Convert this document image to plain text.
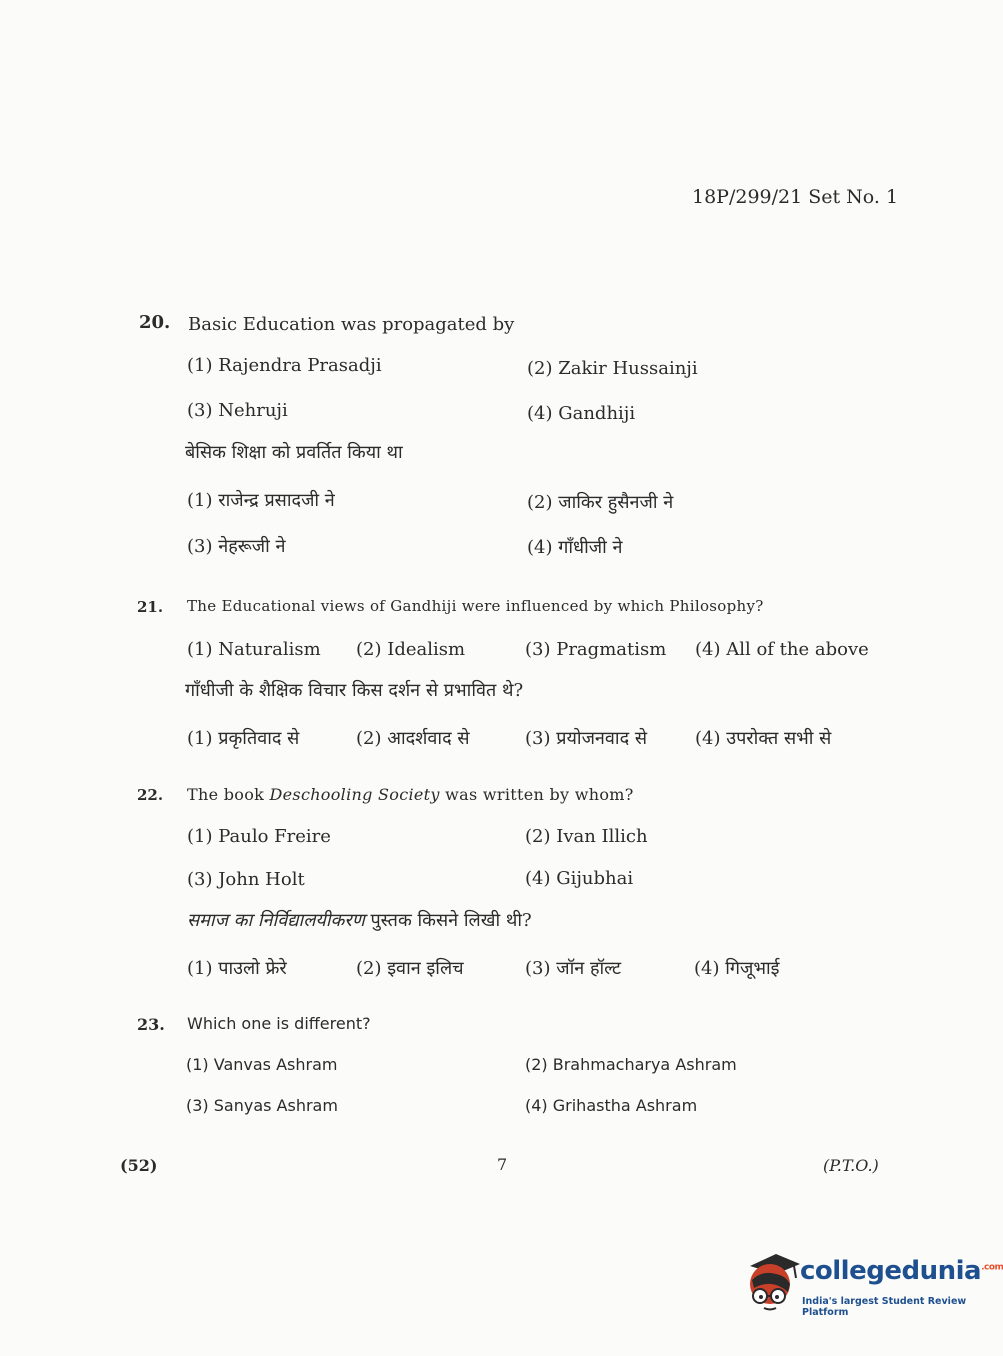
18P/299/21 Set No. 1
20. Basic Education was propagated by
(1) Rajendra Prasadji	(2) Zakir Hussainji
(3) Nehruji	(4) Gandhiji
बेसिक शिक्षा को प्रवर्तित किया था
(1) राजेन्द्र प्रसादजी ने	(2) जाकिर हुसैनजी ने
(3) नेहरूजी ने	(4) गाँधीजी ने
21. The Educational views of Gandhiji were influenced by which Philosophy?
(1) Naturalism (2) Idealism	(3) Pragmatism (4) All of the above
गाँधीजी के शैक्षिक विचार किस दर्शन से प्रभावित थे?
(1) प्रकृतिवाद से	(2) आदर्शवाद से	(3) प्रयोजनवाद से	(4) उपरोक्त सभी से
22. The book Deschooling Society was written by whom?
(1) Paulo Freire	(2) Ivan Illich
(3) John Holt	(4) Gijubhai
समाज का निर्विद्यालयीकरण पुस्तक किसने लिखी थी?
(1) पाउलो फ्रेरे	(2) इवान इलिच	(3) जॉन हॉल्ट	(4) गिजूभाई
23. Which one is different?
(1) Vanvas Ashram	(2) Brahmacharya Ashram
(3) Sanyas Ashram	(4) Grihastha Ashram
(52)	7	(P.T.O.)
collegedunia$^{.com}$
India's largest Student Review Platform
